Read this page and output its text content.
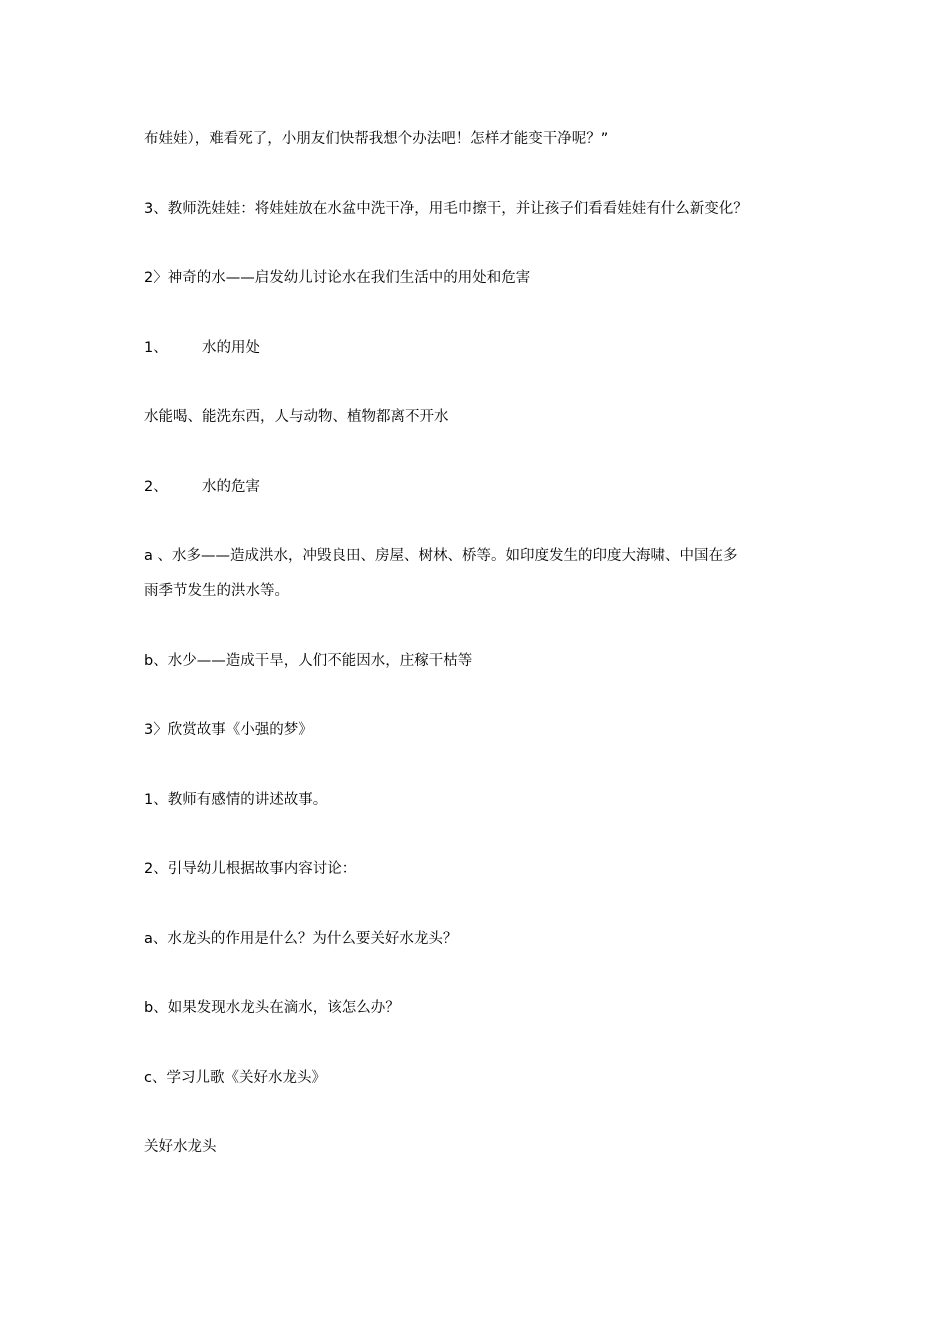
布娃娃），难看死了，小朋友们快帮我想个办法吧！怎样才能变干净呢？”

3、教师洗娃娃：将娃娃放在水盆中洗干净，用毛巾擦干，并让孩子们看看娃娃有什么新变化？

2〉神奇的水——启发幼儿讨论水在我们生活中的用处和危害

1、 水的用处

水能喝、能洗东西，人与动物、植物都离不开水

2、 水的危害

a 、水多——造成洪水，冲毁良田、房屋、树林、桥等。如印度发生的印度大海啸、中国在多
雨季节发生的洪水等。

b、水少——造成干旱，人们不能因水，庄稼干枯等

3〉欣赏故事《小强的梦》

1、教师有感情的讲述故事。

2、引导幼儿根据故事内容讨论：

a、水龙头的作用是什么？为什么要关好水龙头？

b、如果发现水龙头在滴水，该怎么办？

c、学习儿歌《关好水龙头》

关好水龙头
